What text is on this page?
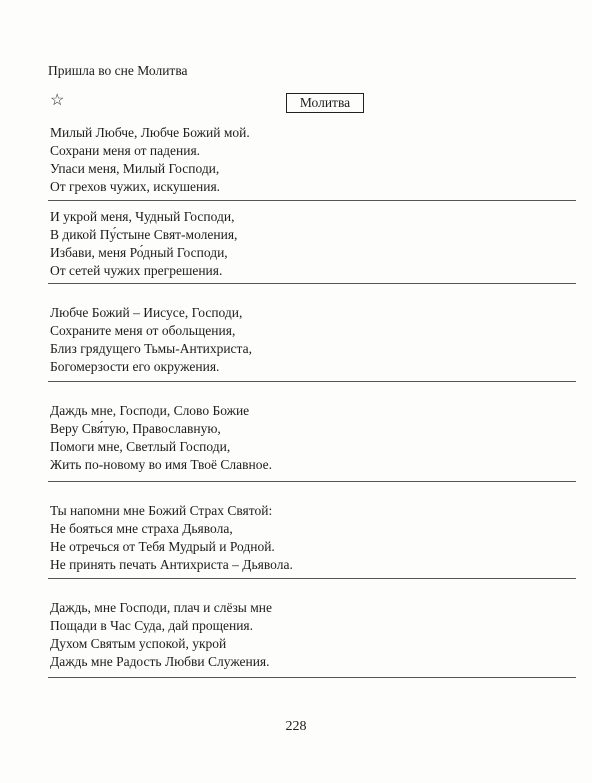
Пришла во сне Молитва
☆	Молитва
Милый Любче, Любче Божий мой.
Сохрани меня от падения.
Упаси меня, Милый Господи,
От грехов чужих, искушения.
И укрой меня, Чудный Господи,
В дикой Пу́стыне Свят-моления,
Избави, меня Ро́дный Господи,
От сетей чужих прегрешения.
Любче Божий – Иисусе, Господи,
Сохраните меня от обольщения,
Близ грядущего Тьмы-Антихриста,
Богомерзости его окружения.
Даждь мне, Господи, Слово Божие
Веру Свя́тую, Православную,
Помоги мне, Светлый Господи,
Жить по-новому во имя Твоё Славное.
Ты напомни мне Божий Страх Святой:
Не бояться мне страха Дьявола,
Не отречься от Тебя Мудрый и Родной.
Не принять печать Антихриста – Дьявола.
Даждь, мне Господи, плач и слёзы мне
Пощади в Час Суда, дай прощения.
Духом Святым успокой, укрой
Даждь мне Радость Любви Служения.
228
